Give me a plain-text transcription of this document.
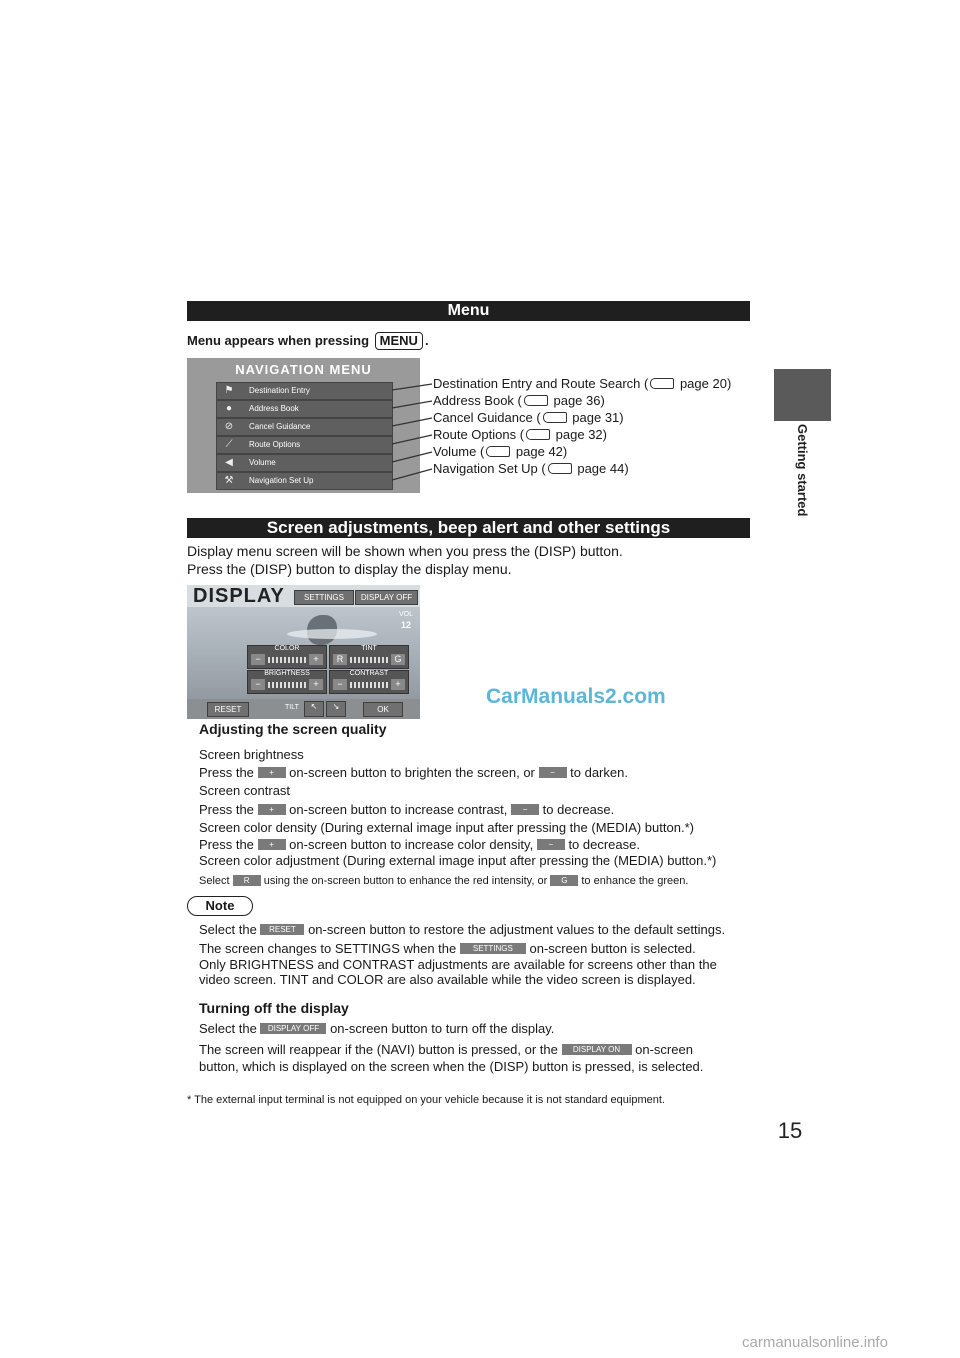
Getting started
15
Menu
Menu appears when pressing MENU .
NAVIGATION MENU
⚑ Destination Entry
●	Address Book
⊘ Cancel Guidance
⟋	Route Options
◀ Volume
⚒ Navigation Set Up
Destination Entry and Route Search ( page 20)
Address Book ( page 36)
Cancel Guidance ( page 31)
Route Options ( page 32)
Volume ( page 42)
Navigation Set Up ( page 44)
Screen adjustments, beep alert and other settings
Display menu screen will be shown when you press the (DISP) button.
Press the (DISP) button to display the display menu.
DISPLAY	SETTINGS	DISPLAY OFF
VOL
12
COLOR
−	+
TINT
R	G
BRIGHTNESS
−	+
CONTRAST
−	+
RESET	TILT	↖	↘	OK
CarManuals2.com
Adjusting the screen quality
Screen brightness
Press the + on-screen button to brighten the screen, or − to darken.
Screen contrast
Press the + on-screen button to increase contrast, − to decrease.
Screen color density (During external image input after pressing the (MEDIA) button.*)
Press the + on-screen button to increase color density, − to decrease.
Screen color adjustment (During external image input after pressing the (MEDIA) button.*)
Select R using the on-screen button to enhance the red intensity, or G to enhance the green.
Note
Select the RESET on-screen button to restore the adjustment values to the default settings.
The screen changes to SETTINGS when the SETTINGS on-screen button is selected.
Only BRIGHTNESS and CONTRAST adjustments are available for screens other than the
video screen. TINT and COLOR are also available while the video screen is displayed.
Turning off the display
Select the DISPLAY OFF on-screen button to turn off the display.
The screen will reappear if the (NAVI) button is pressed, or the DISPLAY ON on-screen
button, which is displayed on the screen when the (DISP) button is pressed, is selected.
* The external input terminal is not equipped on your vehicle because it is not standard equipment.
carmanualsonline.info
